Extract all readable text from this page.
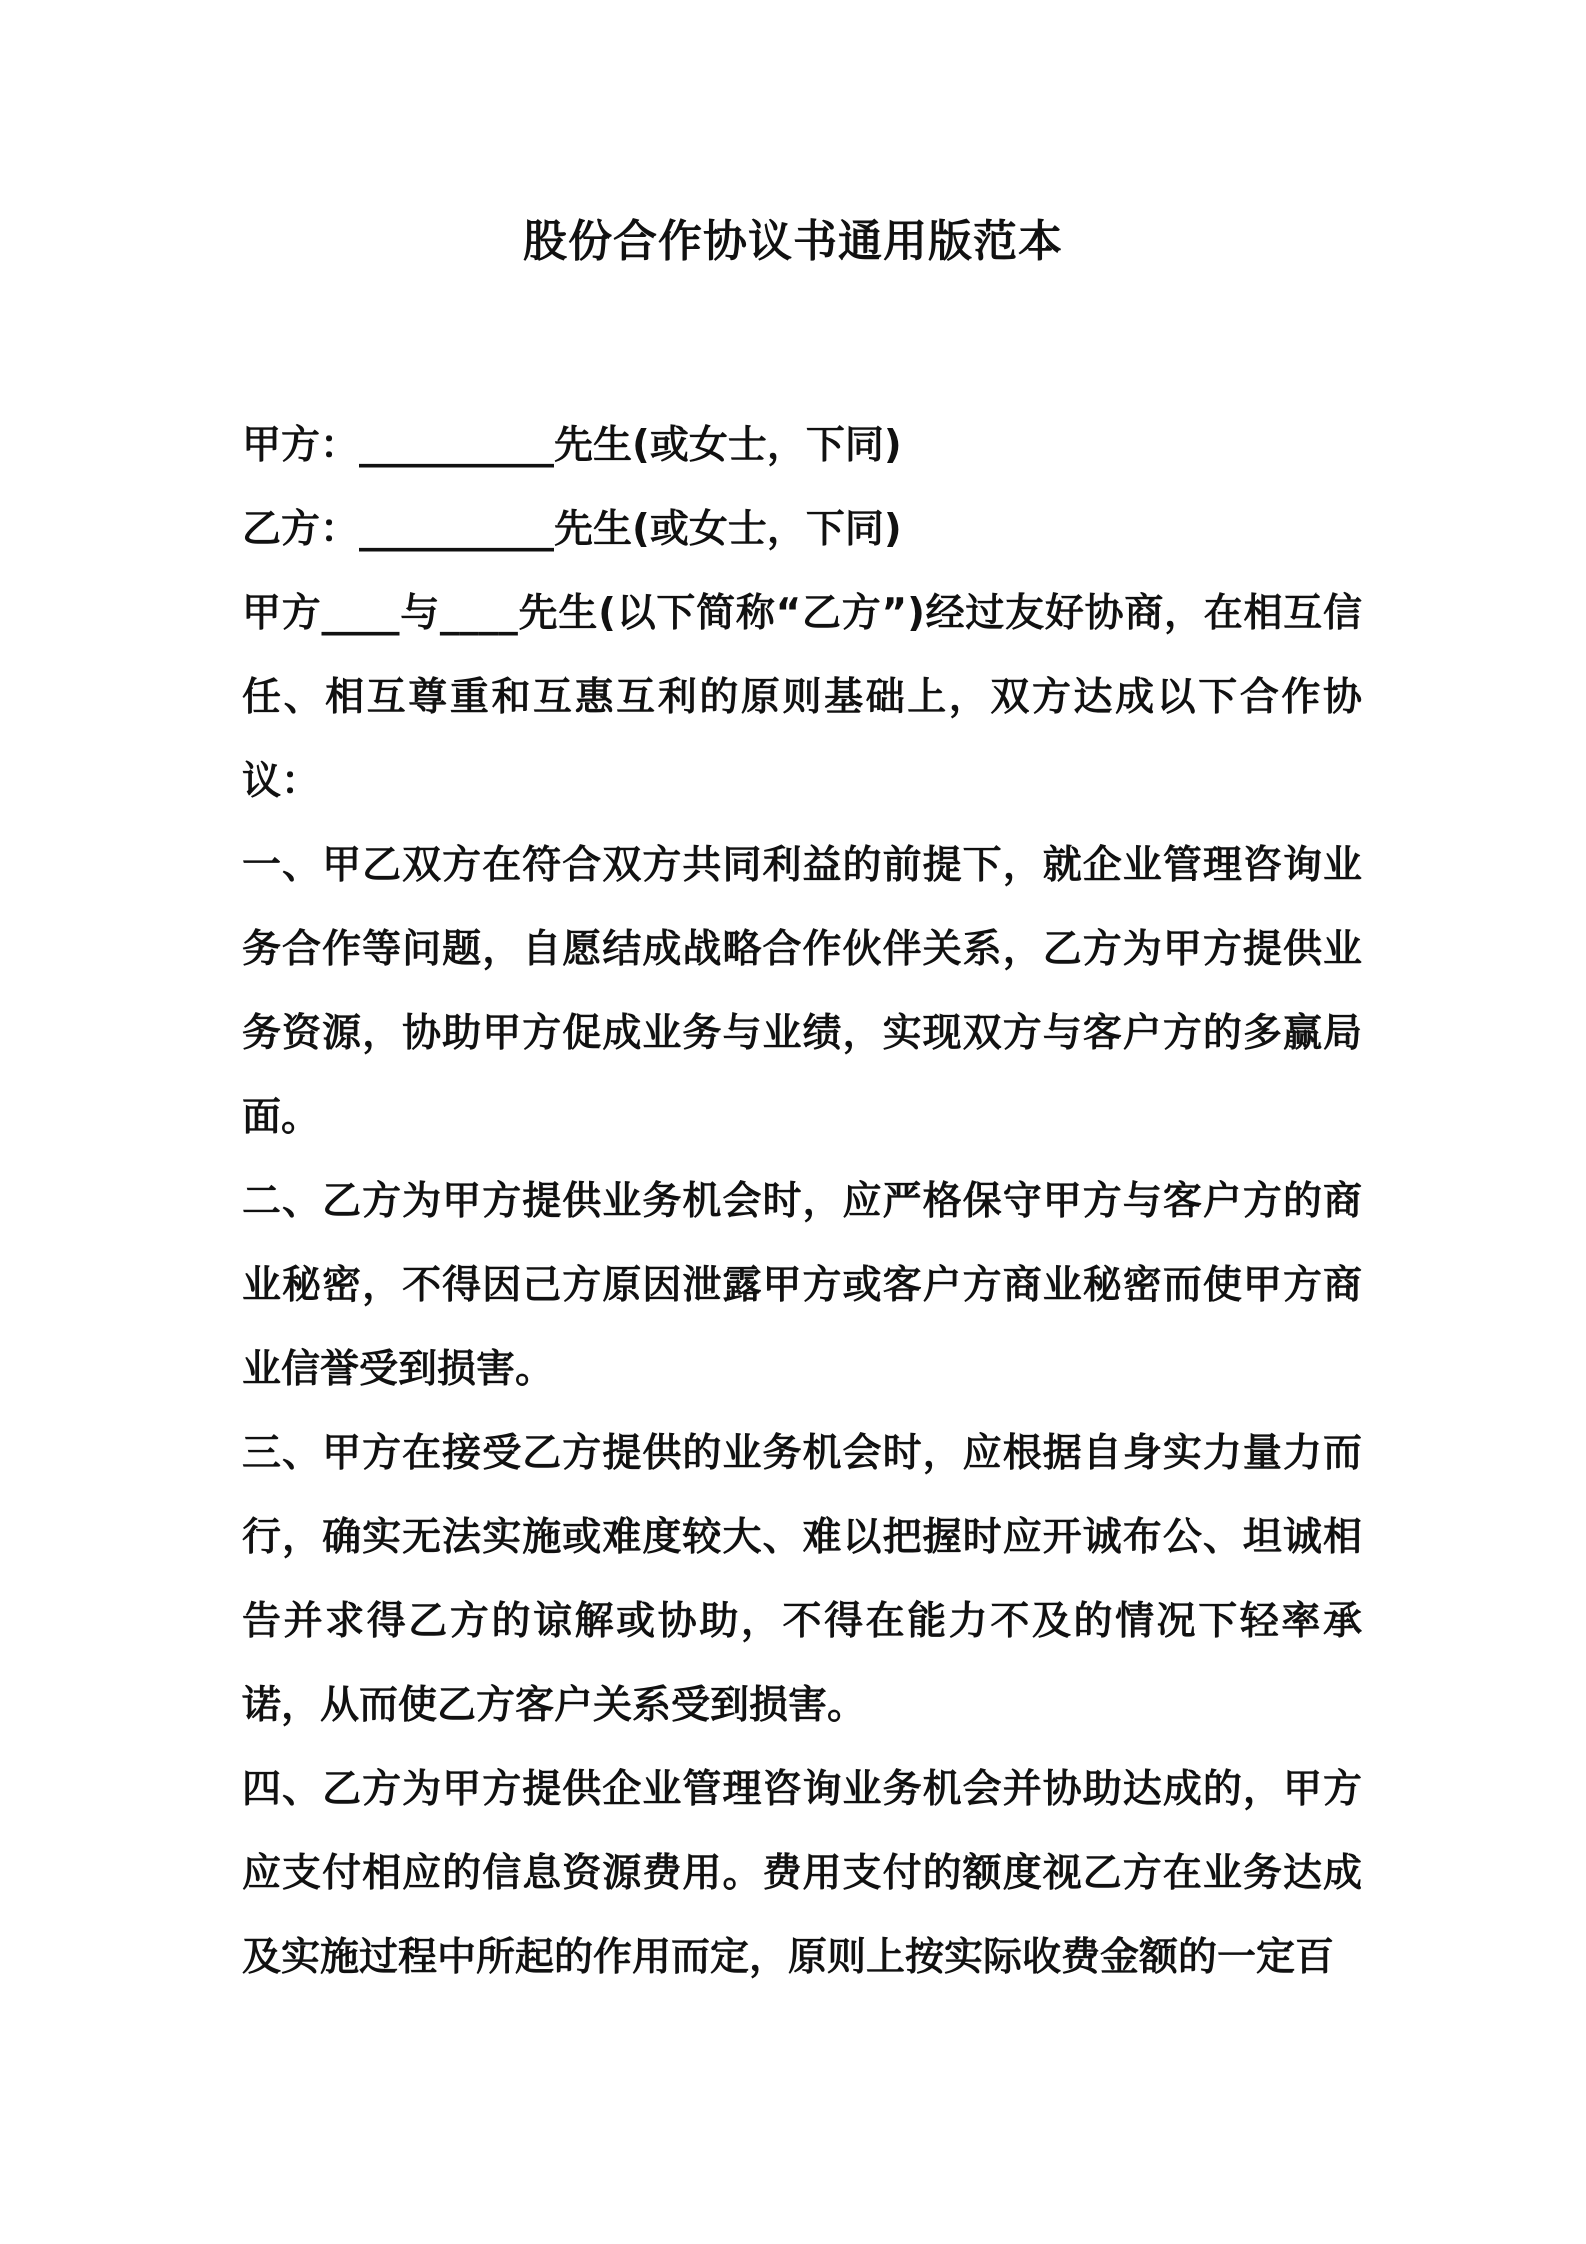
股份合作协议书通用版范本

甲方：__________先生(或女士，下同)

乙方：__________先生(或女士，下同)

甲方____与____先生(以下简称“乙方”)经过友好协商，在相互信任、相互尊重和互惠互利的原则基础上，双方达成以下合作协议：

一、甲乙双方在符合双方共同利益的前提下，就企业管理咨询业务合作等问题，自愿结成战略合作伙伴关系，乙方为甲方提供业务资源，协助甲方促成业务与业绩，实现双方与客户方的多赢局面。

二、乙方为甲方提供业务机会时，应严格保守甲方与客户方的商业秘密，不得因己方原因泄露甲方或客户方商业秘密而使甲方商业信誉受到损害。

三、甲方在接受乙方提供的业务机会时，应根据自身实力量力而行，确实无法实施或难度较大、难以把握时应开诚布公、坦诚相告并求得乙方的谅解或协助，不得在能力不及的情况下轻率承诺，从而使乙方客户关系受到损害。

四、乙方为甲方提供企业管理咨询业务机会并协助达成的，甲方应支付相应的信息资源费用。费用支付的额度视乙方在业务达成及实施过程中所起的作用而定，原则上按实际收费金额的一定百
